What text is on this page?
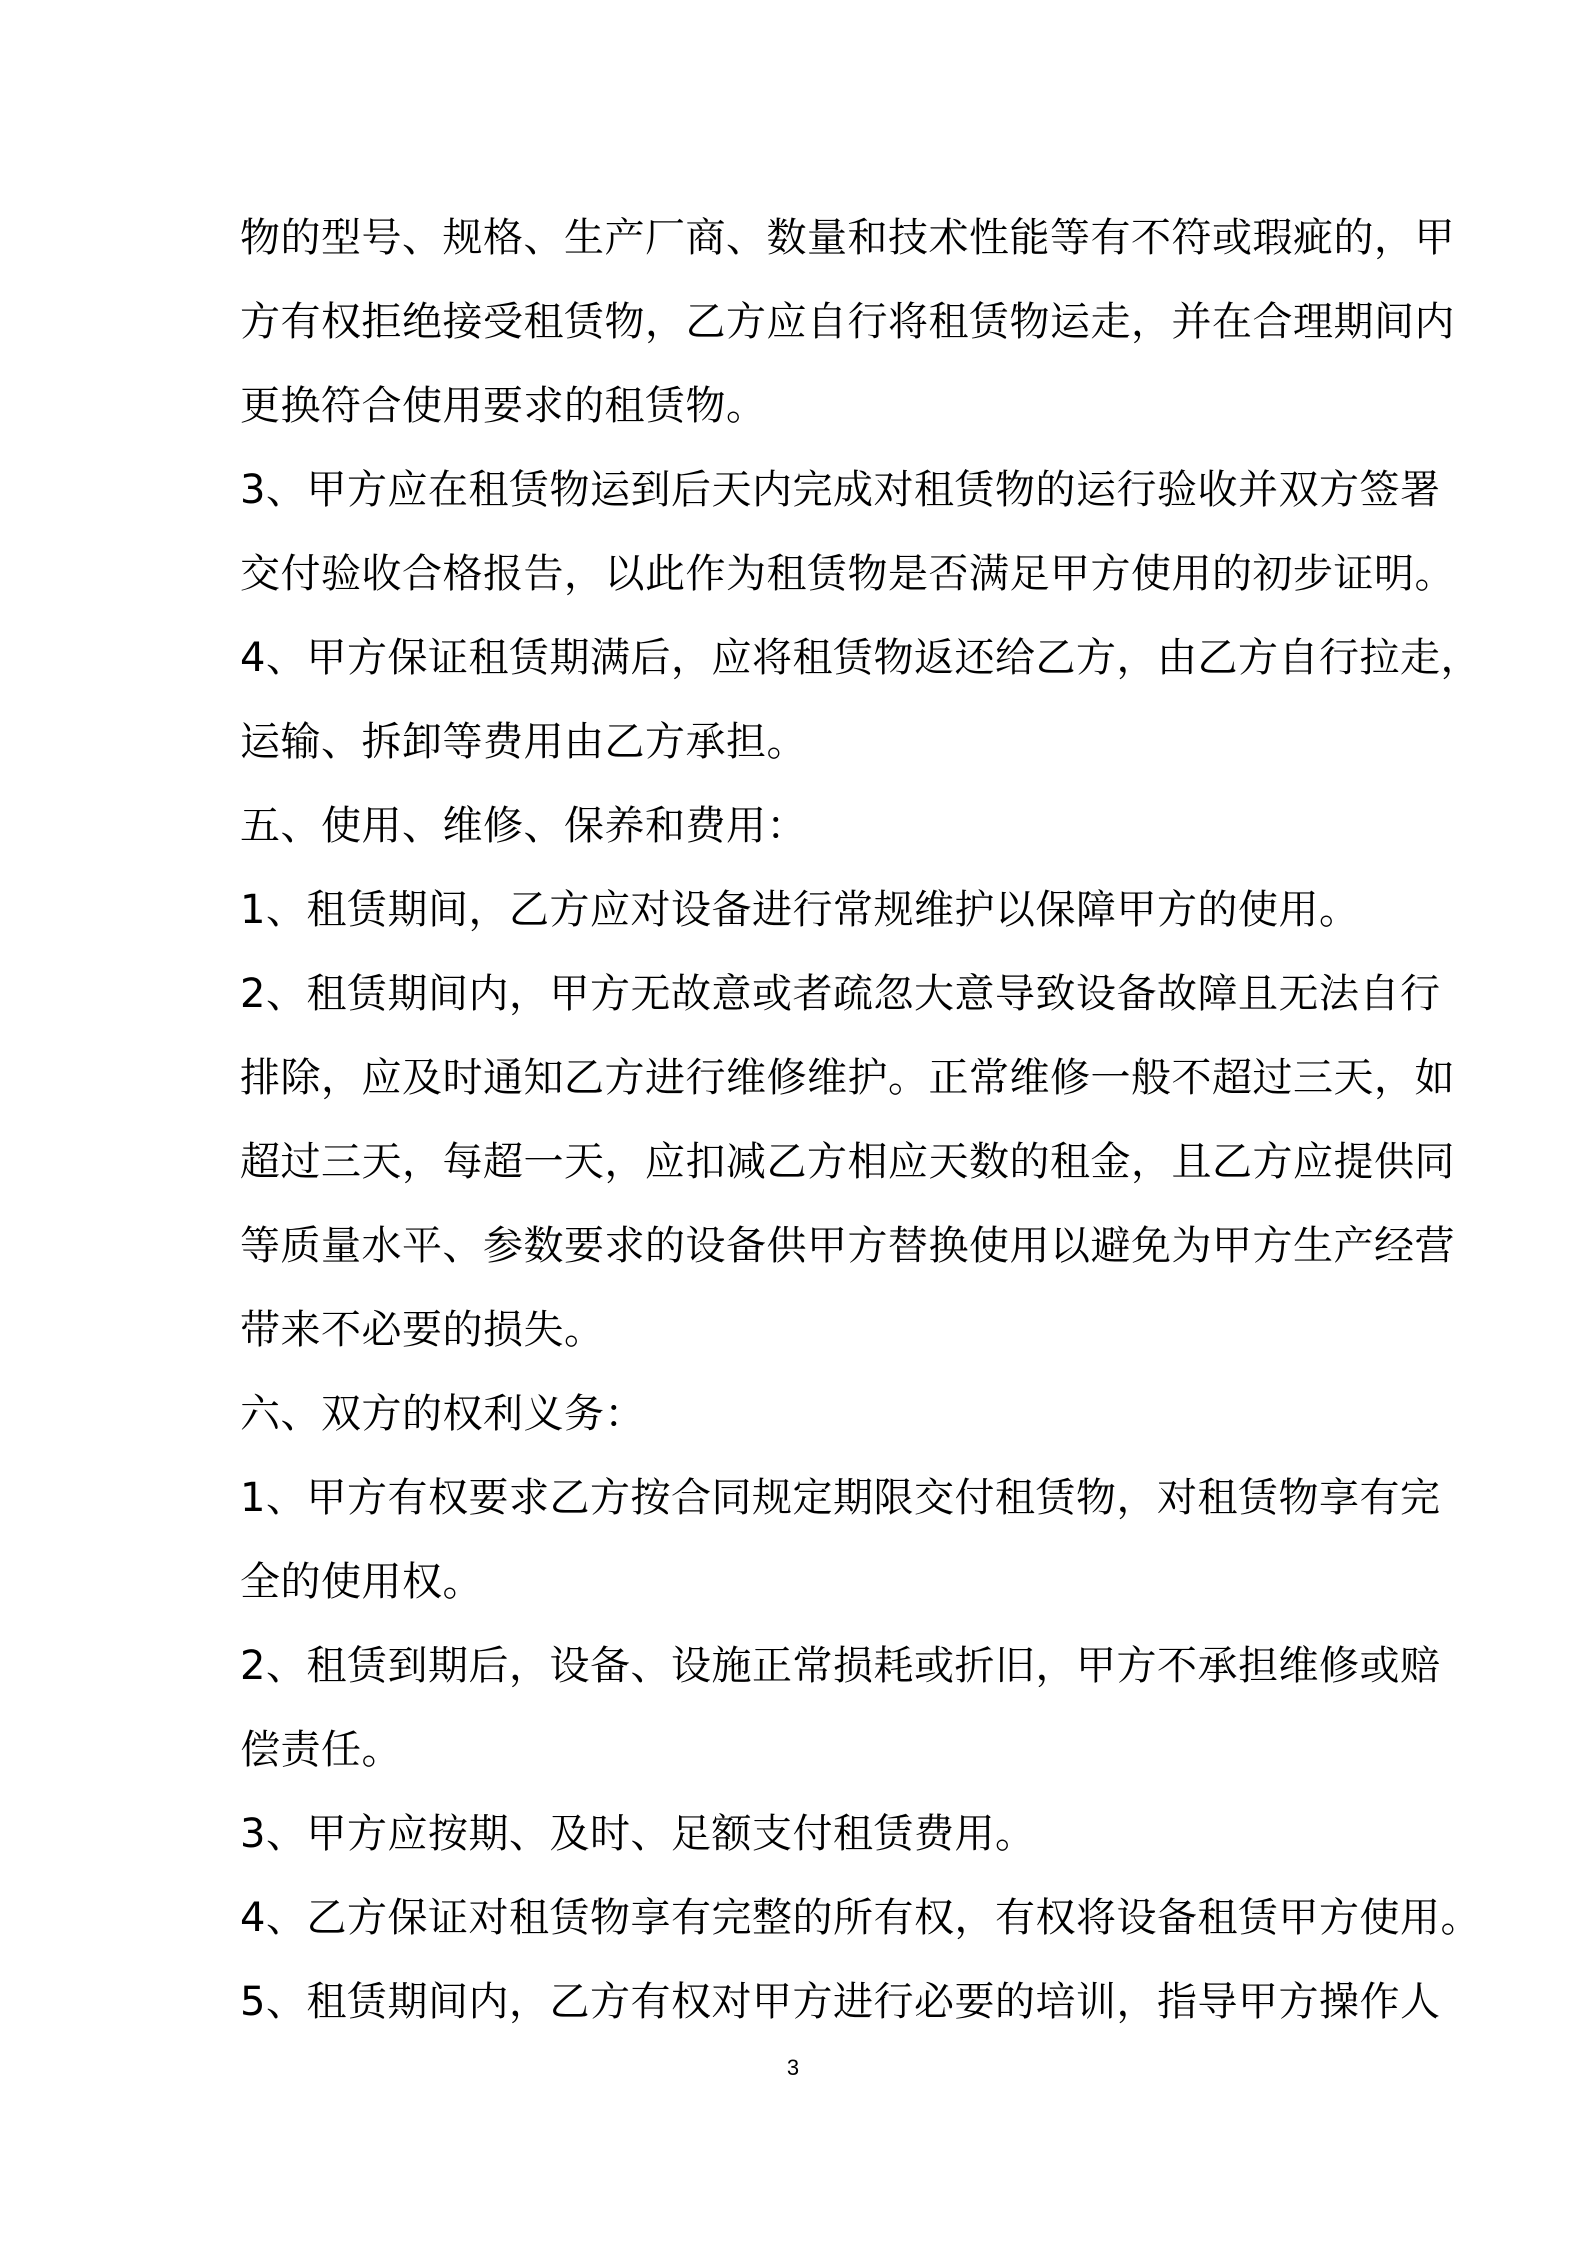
物的型号、规格、生产厂商、数量和技术性能等有不符或瑕疵的，甲
方有权拒绝接受租赁物，乙方应自行将租赁物运走，并在合理期间内
更换符合使用要求的租赁物。
3、甲方应在租赁物运到后天内完成对租赁物的运行验收并双方签署
交付验收合格报告，以此作为租赁物是否满足甲方使用的初步证明。
4、甲方保证租赁期满后，应将租赁物返还给乙方，由乙方自行拉走，
运输、拆卸等费用由乙方承担。
五、使用、维修、保养和费用：
1、租赁期间，乙方应对设备进行常规维护以保障甲方的使用。
2、租赁期间内，甲方无故意或者疏忽大意导致设备故障且无法自行
排除，应及时通知乙方进行维修维护。正常维修一般不超过三天，如
超过三天，每超一天，应扣减乙方相应天数的租金，且乙方应提供同
等质量水平、参数要求的设备供甲方替换使用以避免为甲方生产经营
带来不必要的损失。
六、双方的权利义务：
1、甲方有权要求乙方按合同规定期限交付租赁物，对租赁物享有完
全的使用权。
2、租赁到期后，设备、设施正常损耗或折旧，甲方不承担维修或赔
偿责任。
3、甲方应按期、及时、足额支付租赁费用。
4、乙方保证对租赁物享有完整的所有权，有权将设备租赁甲方使用。
5、租赁期间内，乙方有权对甲方进行必要的培训，指导甲方操作人
3
